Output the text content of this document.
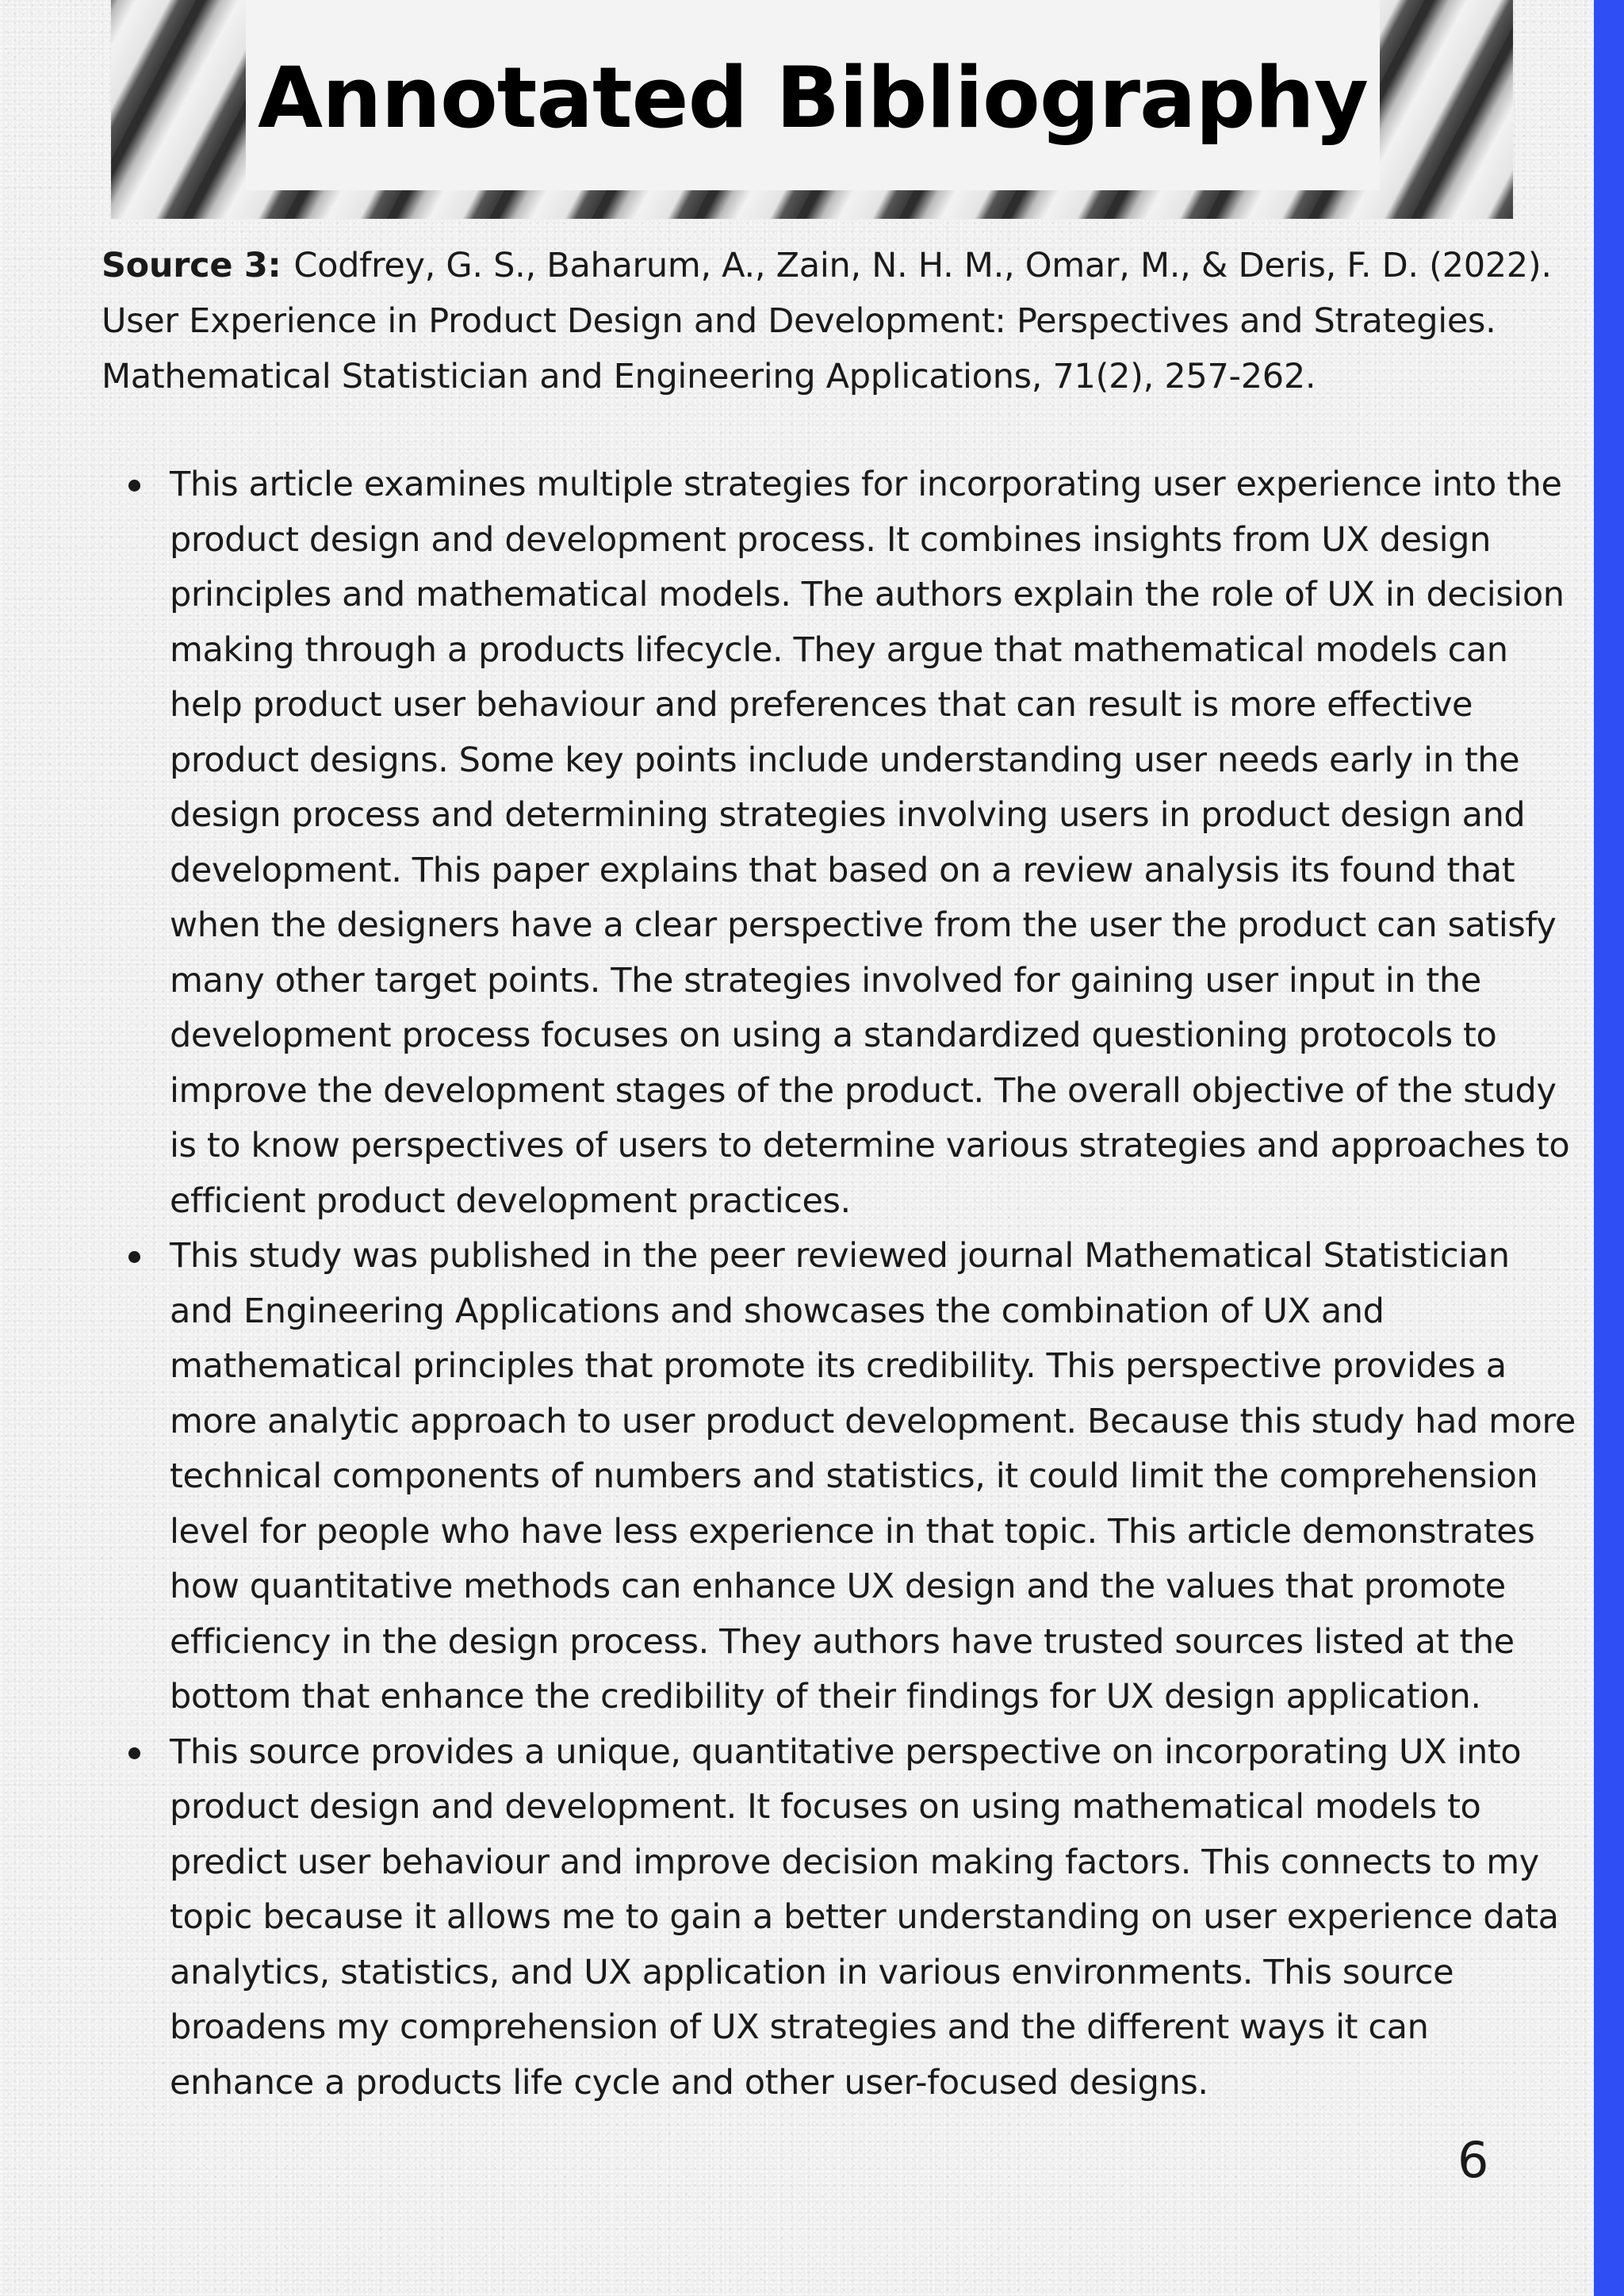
Annotated Bibliography

Source 3: Codfrey, G. S., Baharum, A., Zain, N. H. M., Omar, M., & Deris, F. D. (2022). User Experience in Product Design and Development: Perspectives and Strategies. Mathematical Statistician and Engineering Applications, 71(2), 257-262.

This article examines multiple strategies for incorporating user experience into the product design and development process. It combines insights from UX design principles and mathematical models. The authors explain the role of UX in decision making through a products lifecycle. They argue that mathematical models can help product user behaviour and preferences that can result is more effective product designs. Some key points include understanding user needs early in the design process and determining strategies involving users in product design and development. This paper explains that based on a review analysis its found that when the designers have a clear perspective from the user the product can satisfy many other target points. The strategies involved for gaining user input in the development process focuses on using a standardized questioning protocols to improve the development stages of the product. The overall objective of the study is to know perspectives of users to determine various strategies and approaches to efficient product development practices.
This study was published in the peer reviewed journal Mathematical Statistician and Engineering Applications and showcases the combination of UX and mathematical principles that promote its credibility. This perspective provides a more analytic approach to user product development. Because this study had more technical components of numbers and statistics, it could limit the comprehension level for people who have less experience in that topic. This article demonstrates how quantitative methods can enhance UX design and the values that promote efficiency in the design process. They authors have trusted sources listed at the bottom that enhance the credibility of their findings for UX design application.
This source provides a unique, quantitative perspective on incorporating UX into product design and development. It focuses on using mathematical models to predict user behaviour and improve decision making factors. This connects to my topic because it allows me to gain a better understanding on user experience data analytics, statistics, and UX application in various environments. This source broadens my comprehension of UX strategies and the different ways it can enhance a products life cycle and other user-focused designs.
6
